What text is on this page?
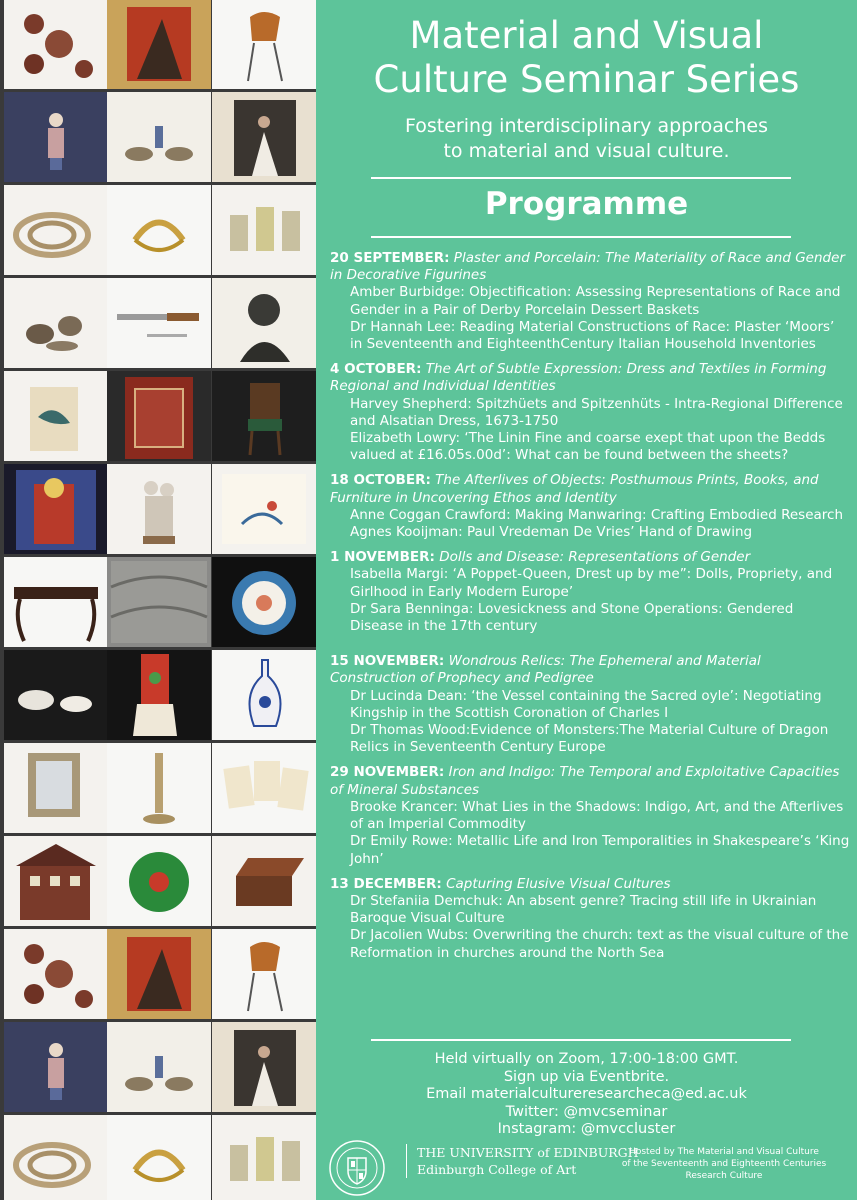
Material and Visual
Culture Seminar Series
Fostering interdisciplinary approaches
to material and visual culture.
Programme
20 SEPTEMBER: Plaster and Porcelain: The Materiality of Race and Gender in Decorative Figurines
Amber Burbidge: Objectification: Assessing Representations of Race and Gender in a Pair of Derby Porcelain Dessert Baskets
Dr Hannah Lee: Reading Material Constructions of Race: Plaster ‘Moors’ in Seventeenth and EighteenthCentury Italian Household Inventories
4 OCTOBER: The Art of Subtle Expression: Dress and Textiles in Forming Regional and Individual Identities
Harvey Shepherd: Spitzhüets and Spitzenhüts - Intra-Regional Difference and Alsatian Dress, 1673-1750
Elizabeth Lowry: ‘The Linin Fine and coarse exept that upon the Bedds valued at £16.05s.00d’: What can be found between the sheets?
18 OCTOBER: The Afterlives of Objects: Posthumous Prints, Books, and Furniture in Uncovering Ethos and Identity
Anne Coggan Crawford: Making Manwaring: Crafting Embodied Research
Agnes Kooijman: Paul Vredeman De Vries’ Hand of Drawing
1 NOVEMBER: Dolls and Disease: Representations of Gender
Isabella Margi: ‘A Poppet-Queen, Drest up by me”: Dolls, Propriety, and Girlhood in Early Modern Europe’
Dr Sara Benninga: Lovesickness and Stone Operations: Gendered Disease in the 17th century
15 NOVEMBER: Wondrous Relics: The Ephemeral and Material Construction of Prophecy and Pedigree
Dr Lucinda Dean: ‘the Vessel containing the Sacred oyle’: Negotiating Kingship in the Scottish Coronation of Charles I
Dr Thomas Wood:Evidence of Monsters:The Material Culture of Dragon Relics in Seventeenth Century Europe
29 NOVEMBER: Iron and Indigo: The Temporal and Exploitative Capacities of Mineral Substances
Brooke Krancer: What Lies in the Shadows: Indigo, Art, and the Afterlives of an Imperial Commodity
Dr Emily Rowe: Metallic Life and Iron Temporalities in Shakespeare’s ‘King John’
13 DECEMBER: Capturing Elusive Visual Cultures
Dr Stefaniia Demchuk: An absent genre? Tracing still life in Ukrainian Baroque Visual Culture
Dr Jacolien Wubs: Overwriting the church: text as the visual culture of the Reformation in churches around the North Sea
Held virtually on Zoom, 17:00-18:00 GMT.
Sign up via Eventbrite.
Email materialcultureresearcheca@ed.ac.uk
Twitter: @mvcseminar
Instagram: @mvccluster
THE UNIVERSITY of EDINBURGH
Edinburgh College of Art
Hosted by The Material and Visual Culture
of the Seventeenth and Eighteenth Centuries
Research Culture
